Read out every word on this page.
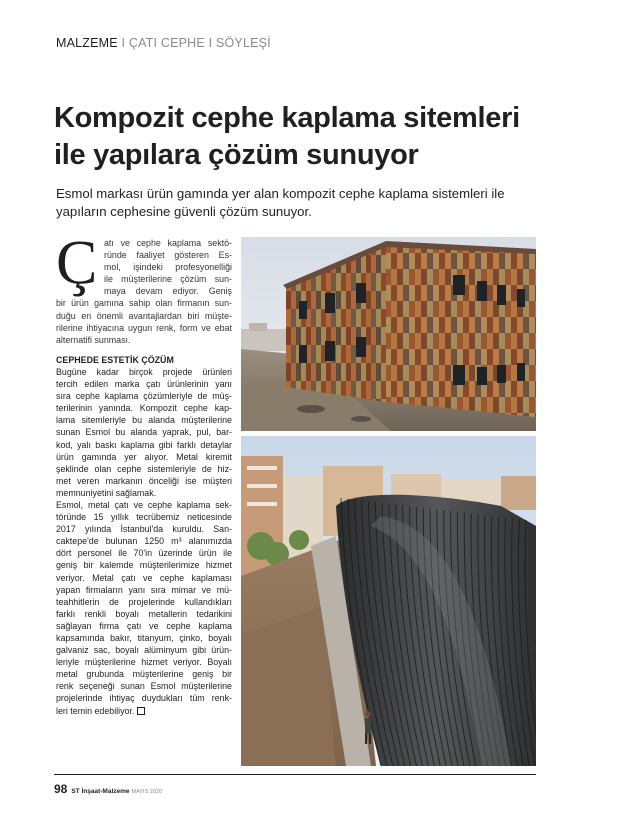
MALZEME I ÇATI CEPHE I SÖYLEŞİ
Kompozit cephe kaplama sitemleri
ile yapılara çözüm sunuyor

Esmol markası ürün gamında yer alan kompozit cephe kaplama sistemleri ile
yapıların cephesine güvenli çözüm sunuyor.

Ç atı ve cephe kaplama sektö-
ründe faaliyet gösteren Es-
mol, işindeki profesyonelliği
ile müşterilerine çözüm sun-
maya devam ediyor. Geniş
bir ürün gamına sahip olan firmanın sun-
duğu en önemli avantajlardan biri müşte-
rilerine ihtiyacına uygun renk, form ve ebat
alternatifi sunması.
CEPHEDE ESTETİK ÇÖZÜM
Bugüne kadar birçok projede ürünleri
tercih edilen marka çatı ürünlerinin yanı
sıra cephe kaplama çözümleriyle de müş-
terilerinin yanında. Kompozit cephe kap-
lama sitemleriyle bu alanda müşterilerine
sunan Esmol bu alanda yaprak, pul, bar-
kod, yalı baskı kaplama gibi farklı detaylar
ürün gamında yer alıyor. Metal kiremit
şeklinde olan cephe sistemleriyle de hiz-
met veren markanın önceliği ise müşteri
memnuniyetini sağlamak.
Esmol, metal çatı ve cephe kaplama sek-
töründe 15 yıllık tecrübemiz neticesinde
2017 yılında İstanbul'da kuruldu. San-
caktepe'de bulunan 1250 m³ alanımızda
dört personel ile 70'in üzerinde ürün ile
geniş bir kalemde müşterilerimize hizmet
veriyor. Metal çatı ve cephe kaplaması
yapan firmaların yanı sıra mimar ve mü-
teahhitlerin de projelerinde kullandıkları
farklı renkli boyalı metallerin tedarikini
sağlayan firma çatı ve cephe kaplama
kapsamında bakır, titanyum, çinko, boyalı
galvaniz sac, boyalı alüminyum gibi ürün-
leriyle müşterilerine hizmet veriyor. Boyalı
metal grubunda müşterilerine geniş bir
renk seçeneği sunan Esmol müşterilerine
projelerinde ihtiyaç duydukları tüm renk-
leri temin edebiliyor.
98 ST İnşaat-Malzeme MAYIS 2020
